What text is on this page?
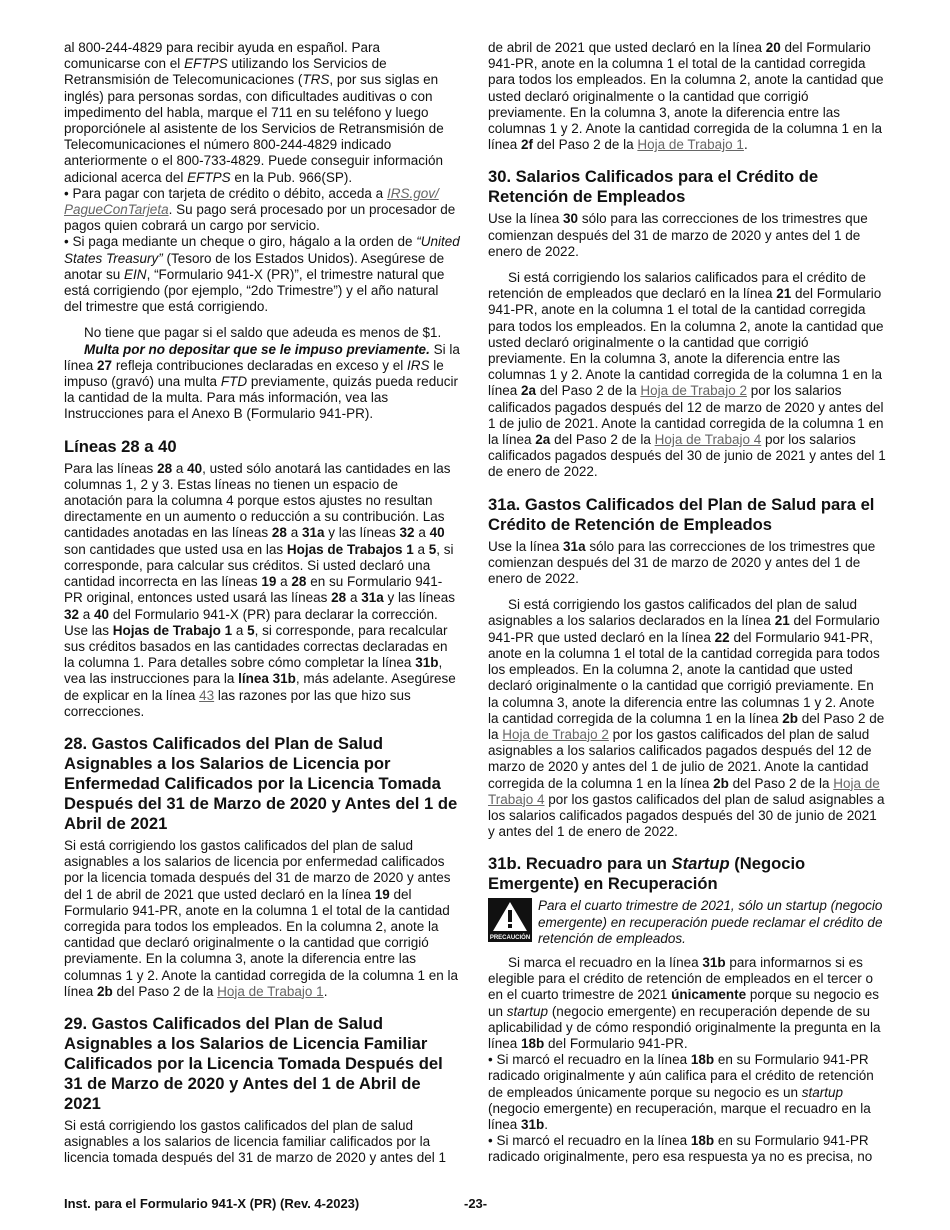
al 800-244-4829 para recibir ayuda en español. Para comunicarse con el EFTPS utilizando los Servicios de Retransmisión de Telecomunicaciones (TRS, por sus siglas en inglés) para personas sordas, con dificultades auditivas o con impedimento del habla, marque el 711 en su teléfono y luego proporciónele al asistente de los Servicios de Retransmisión de Telecomunicaciones el número 800-244-4829 indicado anteriormente o el 800-733-4829. Puede conseguir información adicional acerca del EFTPS en la Pub. 966(SP).

• Para pagar con tarjeta de crédito o débito, acceda a IRS.gov/ PagueConTarjeta. Su pago será procesado por un procesador de pagos quien cobrará un cargo por servicio.

• Si paga mediante un cheque o giro, hágalo a la orden de “United States Treasury” (Tesoro de los Estados Unidos). Asegúrese de anotar su EIN, “Formulario 941-X (PR)”, el trimestre natural que está corrigiendo (por ejemplo, “2do Trimestre”) y el año natural del trimestre que está corrigiendo.

No tiene que pagar si el saldo que adeuda es menos de $1.

Multa por no depositar que se le impuso previamente. Si la línea 27 refleja contribuciones declaradas en exceso y el IRS le impuso (gravó) una multa FTD previamente, quizás pueda reducir la cantidad de la multa. Para más información, vea las Instrucciones para el Anexo B (Formulario 941-PR).

Líneas 28 a 40

Para las líneas 28 a 40, usted sólo anotará las cantidades en las columnas 1, 2 y 3. Estas líneas no tienen un espacio de anotación para la columna 4 porque estos ajustes no resultan directamente en un aumento o reducción a su contribución. Las cantidades anotadas en las líneas 28 a 31a y las líneas 32 a 40 son cantidades que usted usa en las Hojas de Trabajos 1 a 5, si corresponde, para calcular sus créditos. Si usted declaró una cantidad incorrecta en las líneas 19 a 28 en su Formulario 941-PR original, entonces usted usará las líneas 28 a 31a y las líneas 32 a 40 del Formulario 941-X (PR) para declarar la corrección. Use las Hojas de Trabajo 1 a 5, si corresponde, para recalcular sus créditos basados en las cantidades correctas declaradas en la columna 1. Para detalles sobre cómo completar la línea 31b, vea las instrucciones para la línea 31b, más adelante. Asegúrese de explicar en la línea 43 las razones por las que hizo sus correcciones.

28. Gastos Calificados del Plan de Salud Asignables a los Salarios de Licencia por Enfermedad Calificados por la Licencia Tomada Después del 31 de Marzo de 2020 y Antes del 1 de Abril de 2021

Si está corrigiendo los gastos calificados del plan de salud asignables a los salarios de licencia por enfermedad calificados por la licencia tomada después del 31 de marzo de 2020 y antes del 1 de abril de 2021 que usted declaró en la línea 19 del Formulario 941-PR, anote en la columna 1 el total de la cantidad corregida para todos los empleados. En la columna 2, anote la cantidad que declaró originalmente o la cantidad que corrigió previamente. En la columna 3, anote la diferencia entre las columnas 1 y 2. Anote la cantidad corregida de la columna 1 en la línea 2b del Paso 2 de la Hoja de Trabajo 1.

29. Gastos Calificados del Plan de Salud Asignables a los Salarios de Licencia Familiar Calificados por la Licencia Tomada Después del 31 de Marzo de 2020 y Antes del 1 de Abril de 2021

Si está corrigiendo los gastos calificados del plan de salud asignables a los salarios de licencia familiar calificados por la licencia tomada después del 31 de marzo de 2020 y antes del 1

de abril de 2021 que usted declaró en la línea 20 del Formulario 941-PR, anote en la columna 1 el total de la cantidad corregida para todos los empleados. En la columna 2, anote la cantidad que usted declaró originalmente o la cantidad que corrigió previamente. En la columna 3, anote la diferencia entre las columnas 1 y 2. Anote la cantidad corregida de la columna 1 en la línea 2f del Paso 2 de la Hoja de Trabajo 1.

30. Salarios Calificados para el Crédito de Retención de Empleados

Use la línea 30 sólo para las correcciones de los trimestres que comienzan después del 31 de marzo de 2020 y antes del 1 de enero de 2022.

Si está corrigiendo los salarios calificados para el crédito de retención de empleados que declaró en la línea 21 del Formulario 941-PR, anote en la columna 1 el total de la cantidad corregida para todos los empleados. En la columna 2, anote la cantidad que usted declaró originalmente o la cantidad que corrigió previamente. En la columna 3, anote la diferencia entre las columnas 1 y 2. Anote la cantidad corregida de la columna 1 en la línea 2a del Paso 2 de la Hoja de Trabajo 2 por los salarios calificados pagados después del 12 de marzo de 2020 y antes del 1 de julio de 2021. Anote la cantidad corregida de la columna 1 en la línea 2a del Paso 2 de la Hoja de Trabajo 4 por los salarios calificados pagados después del 30 de junio de 2021 y antes del 1 de enero de 2022.

31a. Gastos Calificados del Plan de Salud para el Crédito de Retención de Empleados

Use la línea 31a sólo para las correcciones de los trimestres que comienzan después del 31 de marzo de 2020 y antes del 1 de enero de 2022.

Si está corrigiendo los gastos calificados del plan de salud asignables a los salarios declarados en la línea 21 del Formulario 941-PR que usted declaró en la línea 22 del Formulario 941-PR, anote en la columna 1 el total de la cantidad corregida para todos los empleados. En la columna 2, anote la cantidad que usted declaró originalmente o la cantidad que corrigió previamente. En la columna 3, anote la diferencia entre las columnas 1 y 2. Anote la cantidad corregida de la columna 1 en la línea 2b del Paso 2 de la Hoja de Trabajo 2 por los gastos calificados del plan de salud asignables a los salarios calificados pagados después del 12 de marzo de 2020 y antes del 1 de julio de 2021. Anote la cantidad corregida de la columna 1 en la línea 2b del Paso 2 de la Hoja de Trabajo 4 por los gastos calificados del plan de salud asignables a los salarios calificados pagados después del 30 de junio de 2021 y antes del 1 de enero de 2022.

31b. Recuadro para un Startup (Negocio Emergente) en Recuperación
PRECAUCIÓN

Para el cuarto trimestre de 2021, sólo un startup (negocio emergente) en recuperación puede reclamar el crédito de retención de empleados.

Si marca el recuadro en la línea 31b para informarnos si es elegible para el crédito de retención de empleados en el tercer o en el cuarto trimestre de 2021 únicamente porque su negocio es un startup (negocio emergente) en recuperación depende de su aplicabilidad y de cómo respondió originalmente la pregunta en la línea 18b del Formulario 941-PR.

• Si marcó el recuadro en la línea 18b en su Formulario 941-PR radicado originalmente y aún califica para el crédito de retención de empleados únicamente porque su negocio es un startup (negocio emergente) en recuperación, marque el recuadro en la línea 31b.

• Si marcó el recuadro en la línea 18b en su Formulario 941-PR radicado originalmente, pero esa respuesta ya no es precisa, no

Inst. para el Formulario 941-X (PR) (Rev. 4-2023)	-23-
